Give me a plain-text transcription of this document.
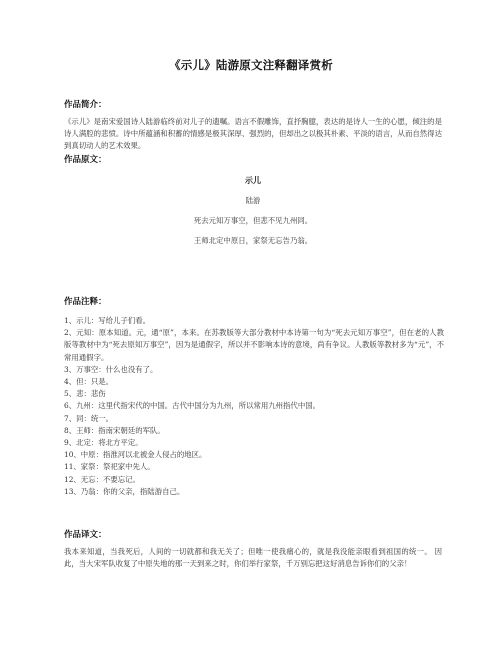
《示儿》陆游原文注释翻译赏析
作品简介：
《示儿》是南宋爱国诗人陆游临终前对儿子的遗嘱。语言不假雕饰，直抒胸臆，表达的是诗人一生的心愿，倾注的是诗人满腔的悲愤。诗中所蕴涵和积蓄的情感是极其深厚、强烈的，但却出之以极其朴素、平淡的语言，从而自然得达到真切动人的艺术效果。
作品原文：
示儿
陆游
死去元知万事空，但悲不见九州同。
王师北定中原日，家祭无忘告乃翁。
作品注释：
1、示儿：写给儿子们看。
2、元知：原本知道。元，通“原”，本来。在苏教版等大部分教材中本诗第一句为“死去元知万事空”，但在老的人教版等教材中为“死去原知万事空”，因为是通假字，所以并不影响本诗的意境，尚有争议。人教版等教材多为“元”，不常用通假字。
3、万事空：什么也没有了。
4、但：只是。
5、悲：悲伤
6、九州：这里代指宋代的中国。古代中国分为九州，所以常用九州指代中国。
7、同：统一。
8、王师：指南宋朝廷的军队。
9、北定：将北方平定。
10、中原：指淮河以北被金人侵占的地区。
11、家祭：祭祀家中先人。
12、无忘：不要忘记。
13、乃翁：你的父亲，指陆游自己。
作品译文：
我本来知道，当我死后，人间的一切就都和我无关了；但唯一使我痛心的，就是我没能亲眼看到祖国的统一。 因此，当大宋军队收复了中原失地的那一天到来之时，你们举行家祭，千万别忘把这好消息告诉你们的父亲！
